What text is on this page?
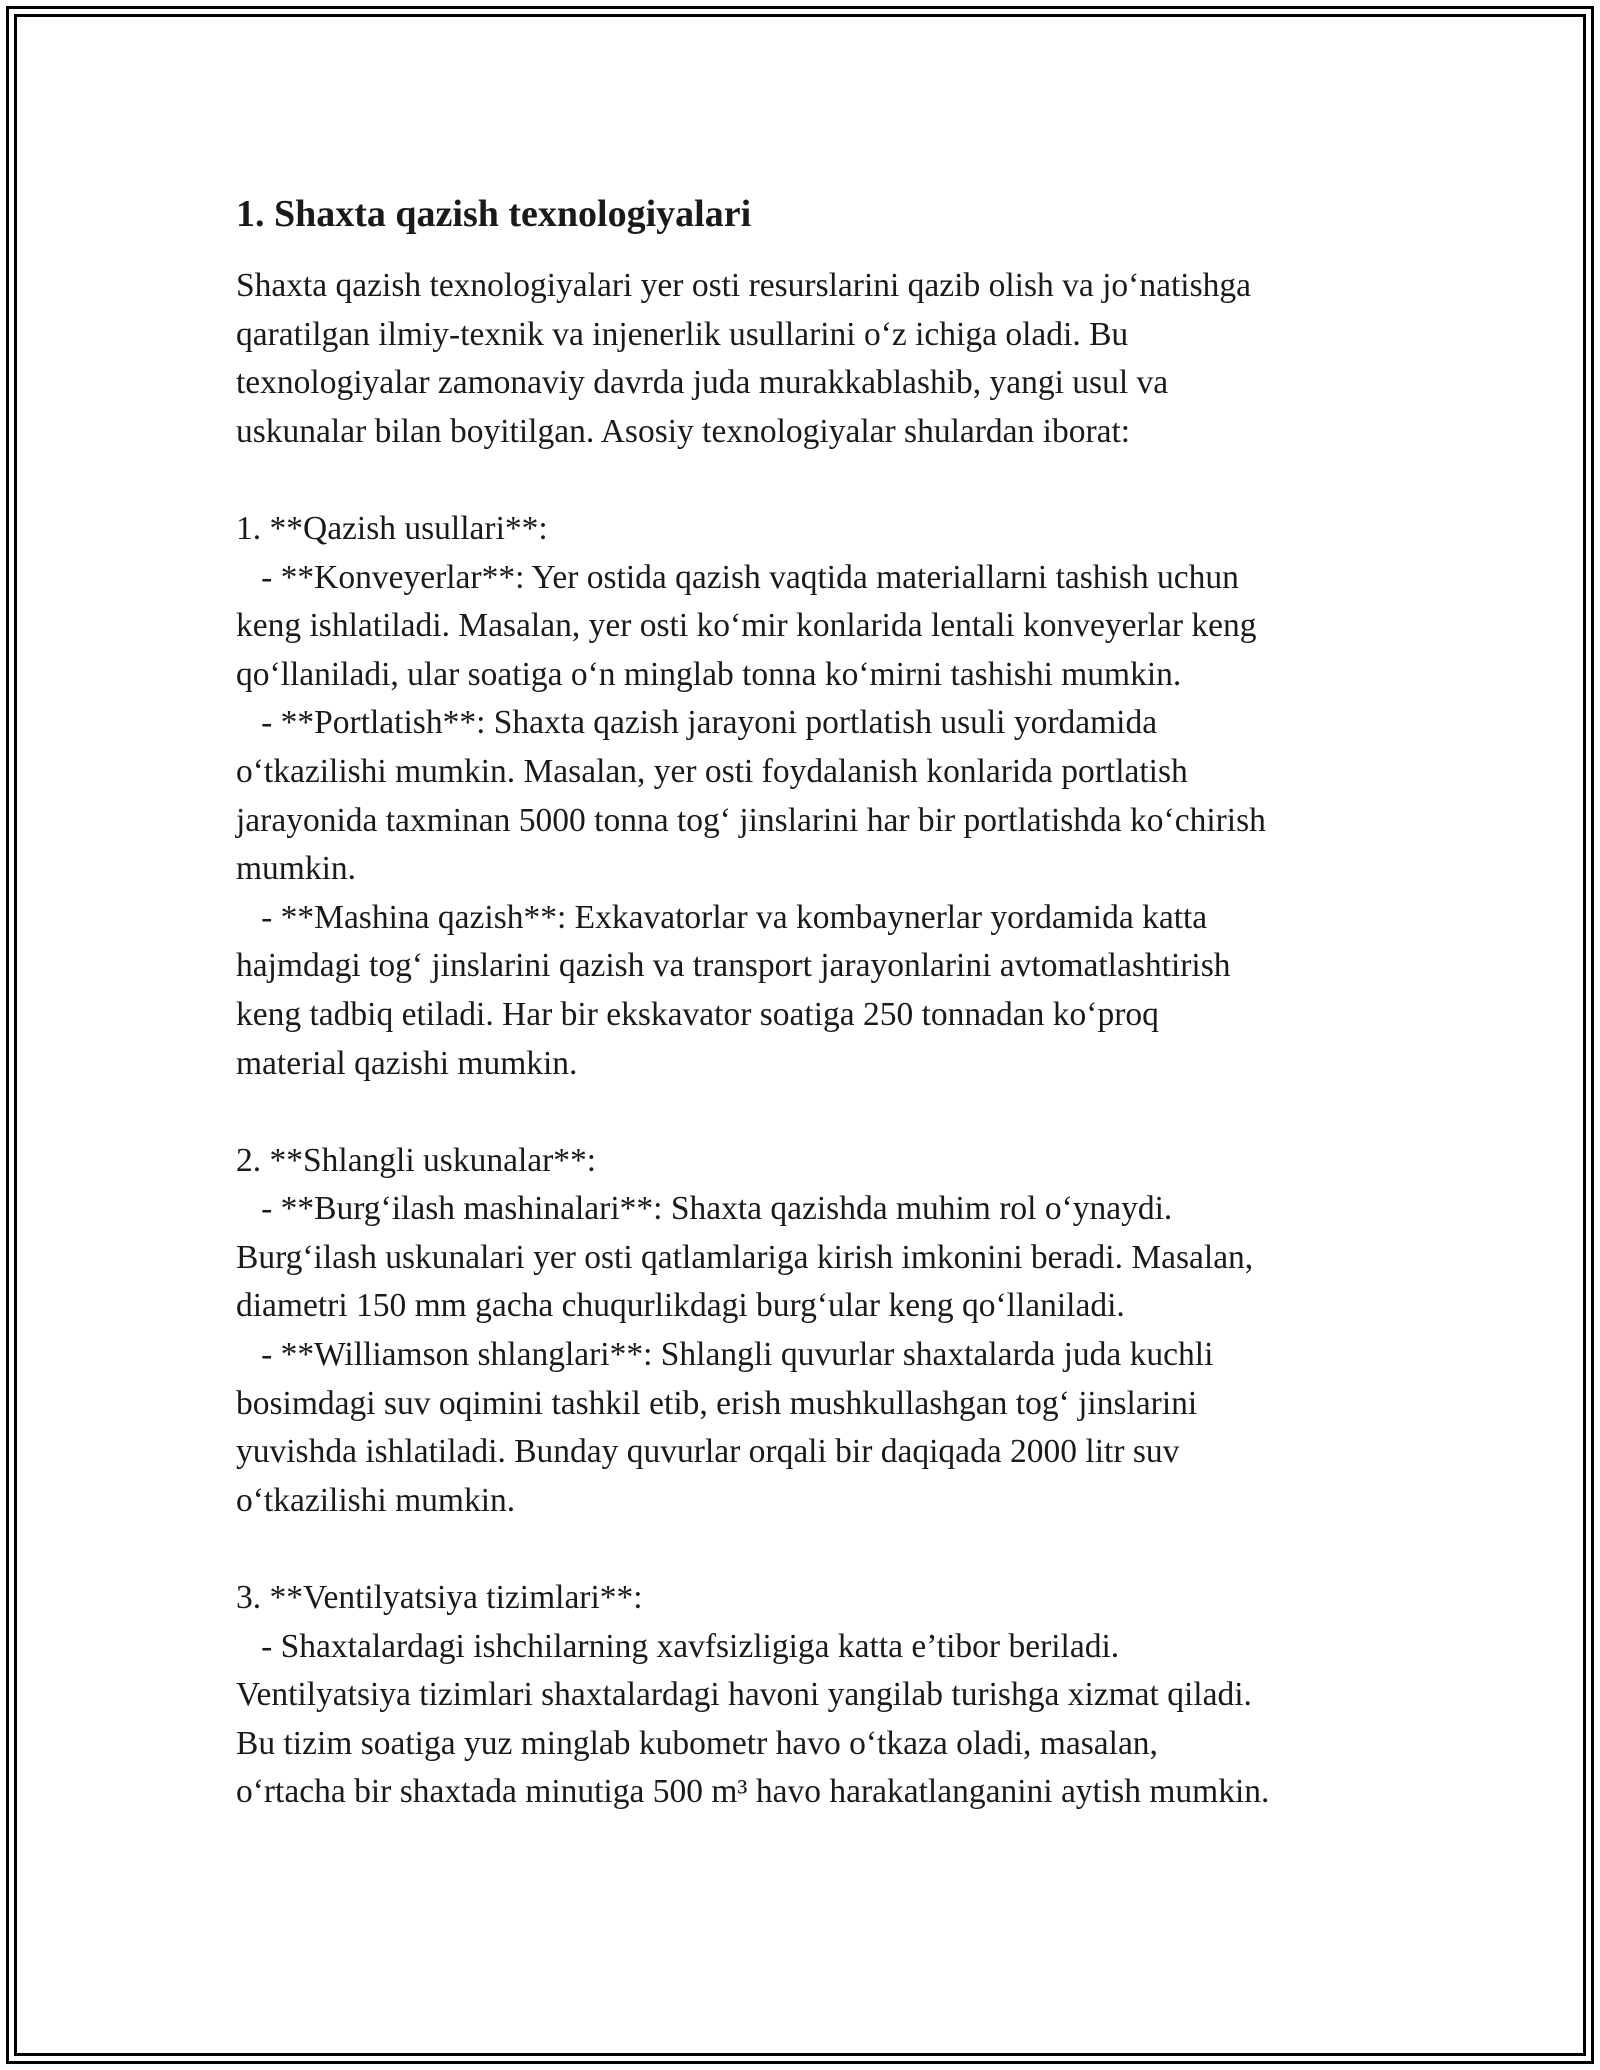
1. Shaxta qazish texnologiyalari

Shaxta qazish texnologiyalari yer osti resurslarini qazib olish va jo‘natishga
qaratilgan ilmiy-texnik va injenerlik usullarini o‘z ichiga oladi. Bu
texnologiyalar zamonaviy davrda juda murakkablashib, yangi usul va
uskunalar bilan boyitilgan. Asosiy texnologiyalar shulardan iborat:

1. **Qazish usullari**:
- **Konveyerlar**: Yer ostida qazish vaqtida materiallarni tashish uchun
keng ishlatiladi. Masalan, yer osti ko‘mir konlarida lentali konveyerlar keng
qo‘llaniladi, ular soatiga o‘n minglab tonna ko‘mirni tashishi mumkin.
- **Portlatish**: Shaxta qazish jarayoni portlatish usuli yordamida
o‘tkazilishi mumkin. Masalan, yer osti foydalanish konlarida portlatish
jarayonida taxminan 5000 tonna tog‘ jinslarini har bir portlatishda ko‘chirish
mumkin.
- **Mashina qazish**: Exkavatorlar va kombaynerlar yordamida katta
hajmdagi tog‘ jinslarini qazish va transport jarayonlarini avtomatlashtirish
keng tadbiq etiladi. Har bir ekskavator soatiga 250 tonnadan ko‘proq
material qazishi mumkin.

2. **Shlangli uskunalar**:
- **Burg‘ilash mashinalari**: Shaxta qazishda muhim rol o‘ynaydi.
Burg‘ilash uskunalari yer osti qatlamlariga kirish imkonini beradi. Masalan,
diametri 150 mm gacha chuqurlikdagi burg‘ular keng qo‘llaniladi.
- **Williamson shlanglari**: Shlangli quvurlar shaxtalarda juda kuchli
bosimdagi suv oqimini tashkil etib, erish mushkullashgan tog‘ jinslarini
yuvishda ishlatiladi. Bunday quvurlar orqali bir daqiqada 2000 litr suv
o‘tkazilishi mumkin.

3. **Ventilyatsiya tizimlari**:
- Shaxtalardagi ishchilarning xavfsizligiga katta e’tibor beriladi.
Ventilyatsiya tizimlari shaxtalardagi havoni yangilab turishga xizmat qiladi.
Bu tizim soatiga yuz minglab kubometr havo o‘tkaza oladi, masalan,
o‘rtacha bir shaxtada minutiga 500 m³ havo harakatlanganini aytish mumkin.
